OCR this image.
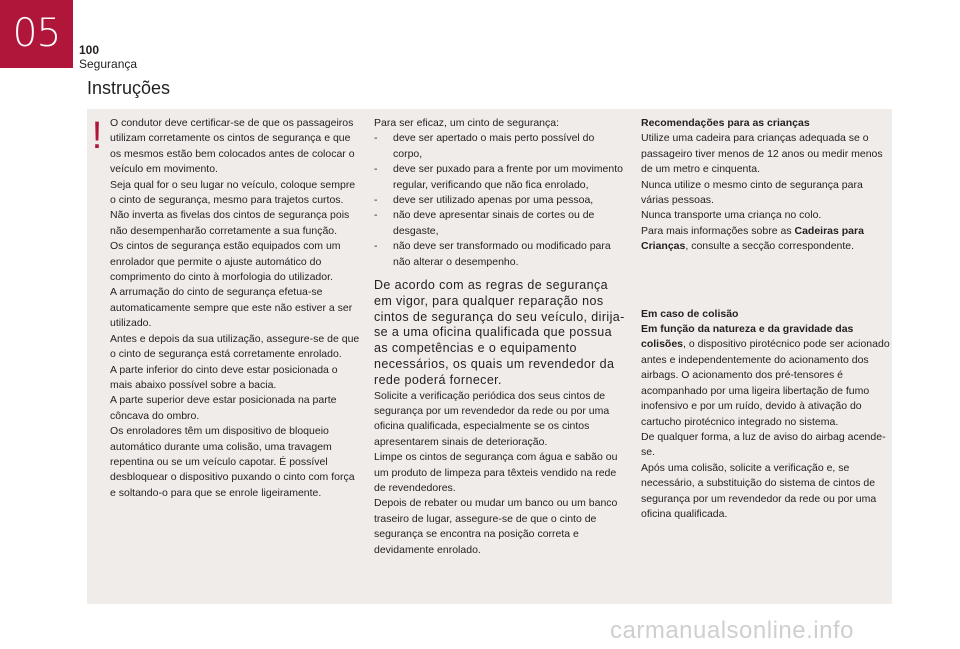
05	100
Segurança
Instruções
! O condutor deve certificar-se de que os passageiros utilizam corretamente os cintos de segurança e que os mesmos estão bem colocados antes de colocar o veículo em movimento.

Seja qual for o seu lugar no veículo, coloque sempre o cinto de segurança, mesmo para trajetos curtos.

Não inverta as fivelas dos cintos de segurança pois não desempenharão corretamente a sua função.

Os cintos de segurança estão equipados com um enrolador que permite o ajuste automático do comprimento do cinto à morfologia do utilizador.

A arrumação do cinto de segurança efetua-se automaticamente sempre que este não estiver a ser utilizado.

Antes e depois da sua utilização, assegure-se de que o cinto de segurança está corretamente enrolado.

A parte inferior do cinto deve estar posicionada o mais abaixo possível sobre a bacia.

A parte superior deve estar posicionada na parte côncava do ombro.

Os enroladores têm um dispositivo de bloqueio automático durante uma colisão, uma travagem repentina ou se um veículo capotar. É possível desbloquear o dispositivo puxando o cinto com força e soltando-o para que se enrole ligeiramente.

Para ser eficaz, um cinto de segurança:

-	deve ser apertado o mais perto possível do corpo,
-	deve ser puxado para a frente por um movimento regular, verificando que não fica enrolado,
-	deve ser utilizado apenas por uma pessoa,
-	não deve apresentar sinais de cortes ou de desgaste,
-	não deve ser transformado ou modificado para não alterar o desempenho.

De acordo com as regras de segurança em vigor, para qualquer reparação nos cintos de segurança do seu veículo, dirija-se a uma oficina qualificada que possua as competências e o equipamento necessários, os quais um revendedor da rede poderá fornecer.

Solicite a verificação periódica dos seus cintos de segurança por um revendedor da rede ou por uma oficina qualificada, especialmente se os cintos apresentarem sinais de deterioração.

Limpe os cintos de segurança com água e sabão ou um produto de limpeza para têxteis vendido na rede de revendedores.

Depois de rebater ou mudar um banco ou um banco traseiro de lugar, assegure-se de que o cinto de segurança se encontra na posição correta e devidamente enrolado.

Recomendações para as crianças

Utilize uma cadeira para crianças adequada se o passageiro tiver menos de 12 anos ou medir menos de um metro e cinquenta.

Nunca utilize o mesmo cinto de segurança para várias pessoas.

Nunca transporte uma criança no colo.

Para mais informações sobre as Cadeiras para Crianças, consulte a secção correspondente.

Em caso de colisão

Em função da natureza e da gravidade das colisões, o dispositivo pirotécnico pode ser acionado antes e independentemente do acionamento dos airbags. O acionamento dos pré-tensores é acompanhado por uma ligeira libertação de fumo inofensivo e por um ruído, devido à ativação do cartucho pirotécnico integrado no sistema.

De qualquer forma, a luz de aviso do airbag acende-se.

Após uma colisão, solicite a verificação e, se necessário, a substituição do sistema de cintos de segurança por um revendedor da rede ou por uma oficina qualificada.

carmanualsonline.info
